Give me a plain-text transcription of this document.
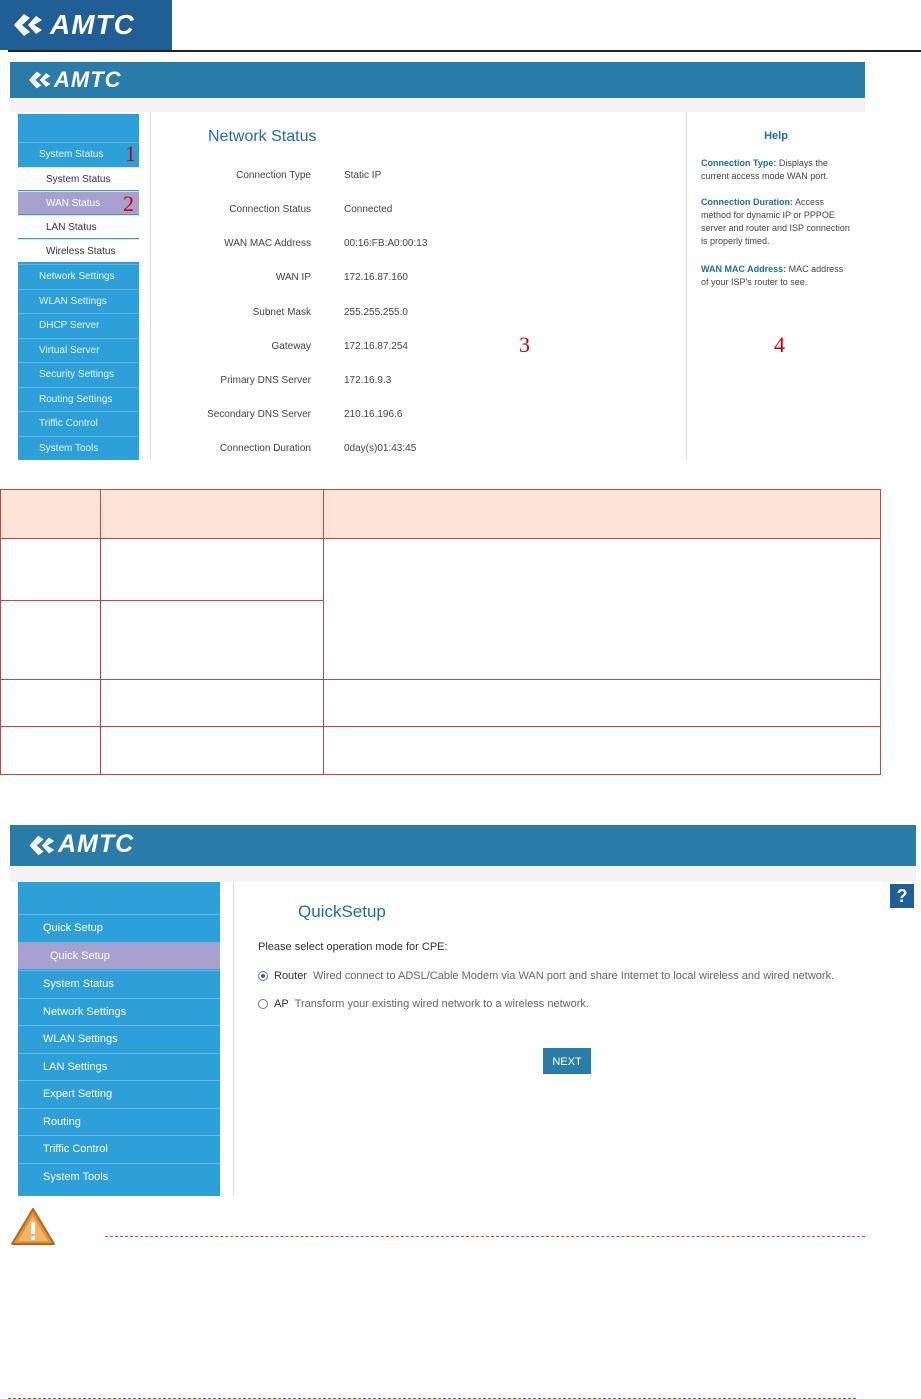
AMTC
AMTC
System Status
System Status
WAN Status
LAN Status
Wireless Status
Network Settings
WLAN Settings
DHCP Server
Virtual Server
Security Settings
Routing Settings
Triffic Control
System Tools
1
2
Network Status
Connection Type	Static IP
Connection Status	Connected
WAN MAC Address	00:16:FB:A0:00:13
WAN IP	172.16.87.160
Subnet Mask	255.255.255.0
Gateway	172.16.87.254
Primary DNS Server	172.16.9.3
Secondary DNS Server	210.16.196.6
Connection Duration	0day(s)01:43:45
3
Help
Connection Type: Displays the current access mode WAN port.
Connection Duration: Access method for dynamic IP or PPPOE server and router and ISP connection is properly timed.
WAN MAC Address: MAC address of your ISP's router to see.
4

AMTC
Quick Setup
Quick Setup
System Status
Network Settings
WLAN Settings
LAN Settings
Expert Setting
Routing
Triffic Control
System Tools
QuickSetup
Please select operation mode for CPE:
Router Wired connect to ADSL/Cable Modem via WAN port and share Internet to local wireless and wired network.
AP Transform your existing wired network to a wireless network.
NEXT
?
